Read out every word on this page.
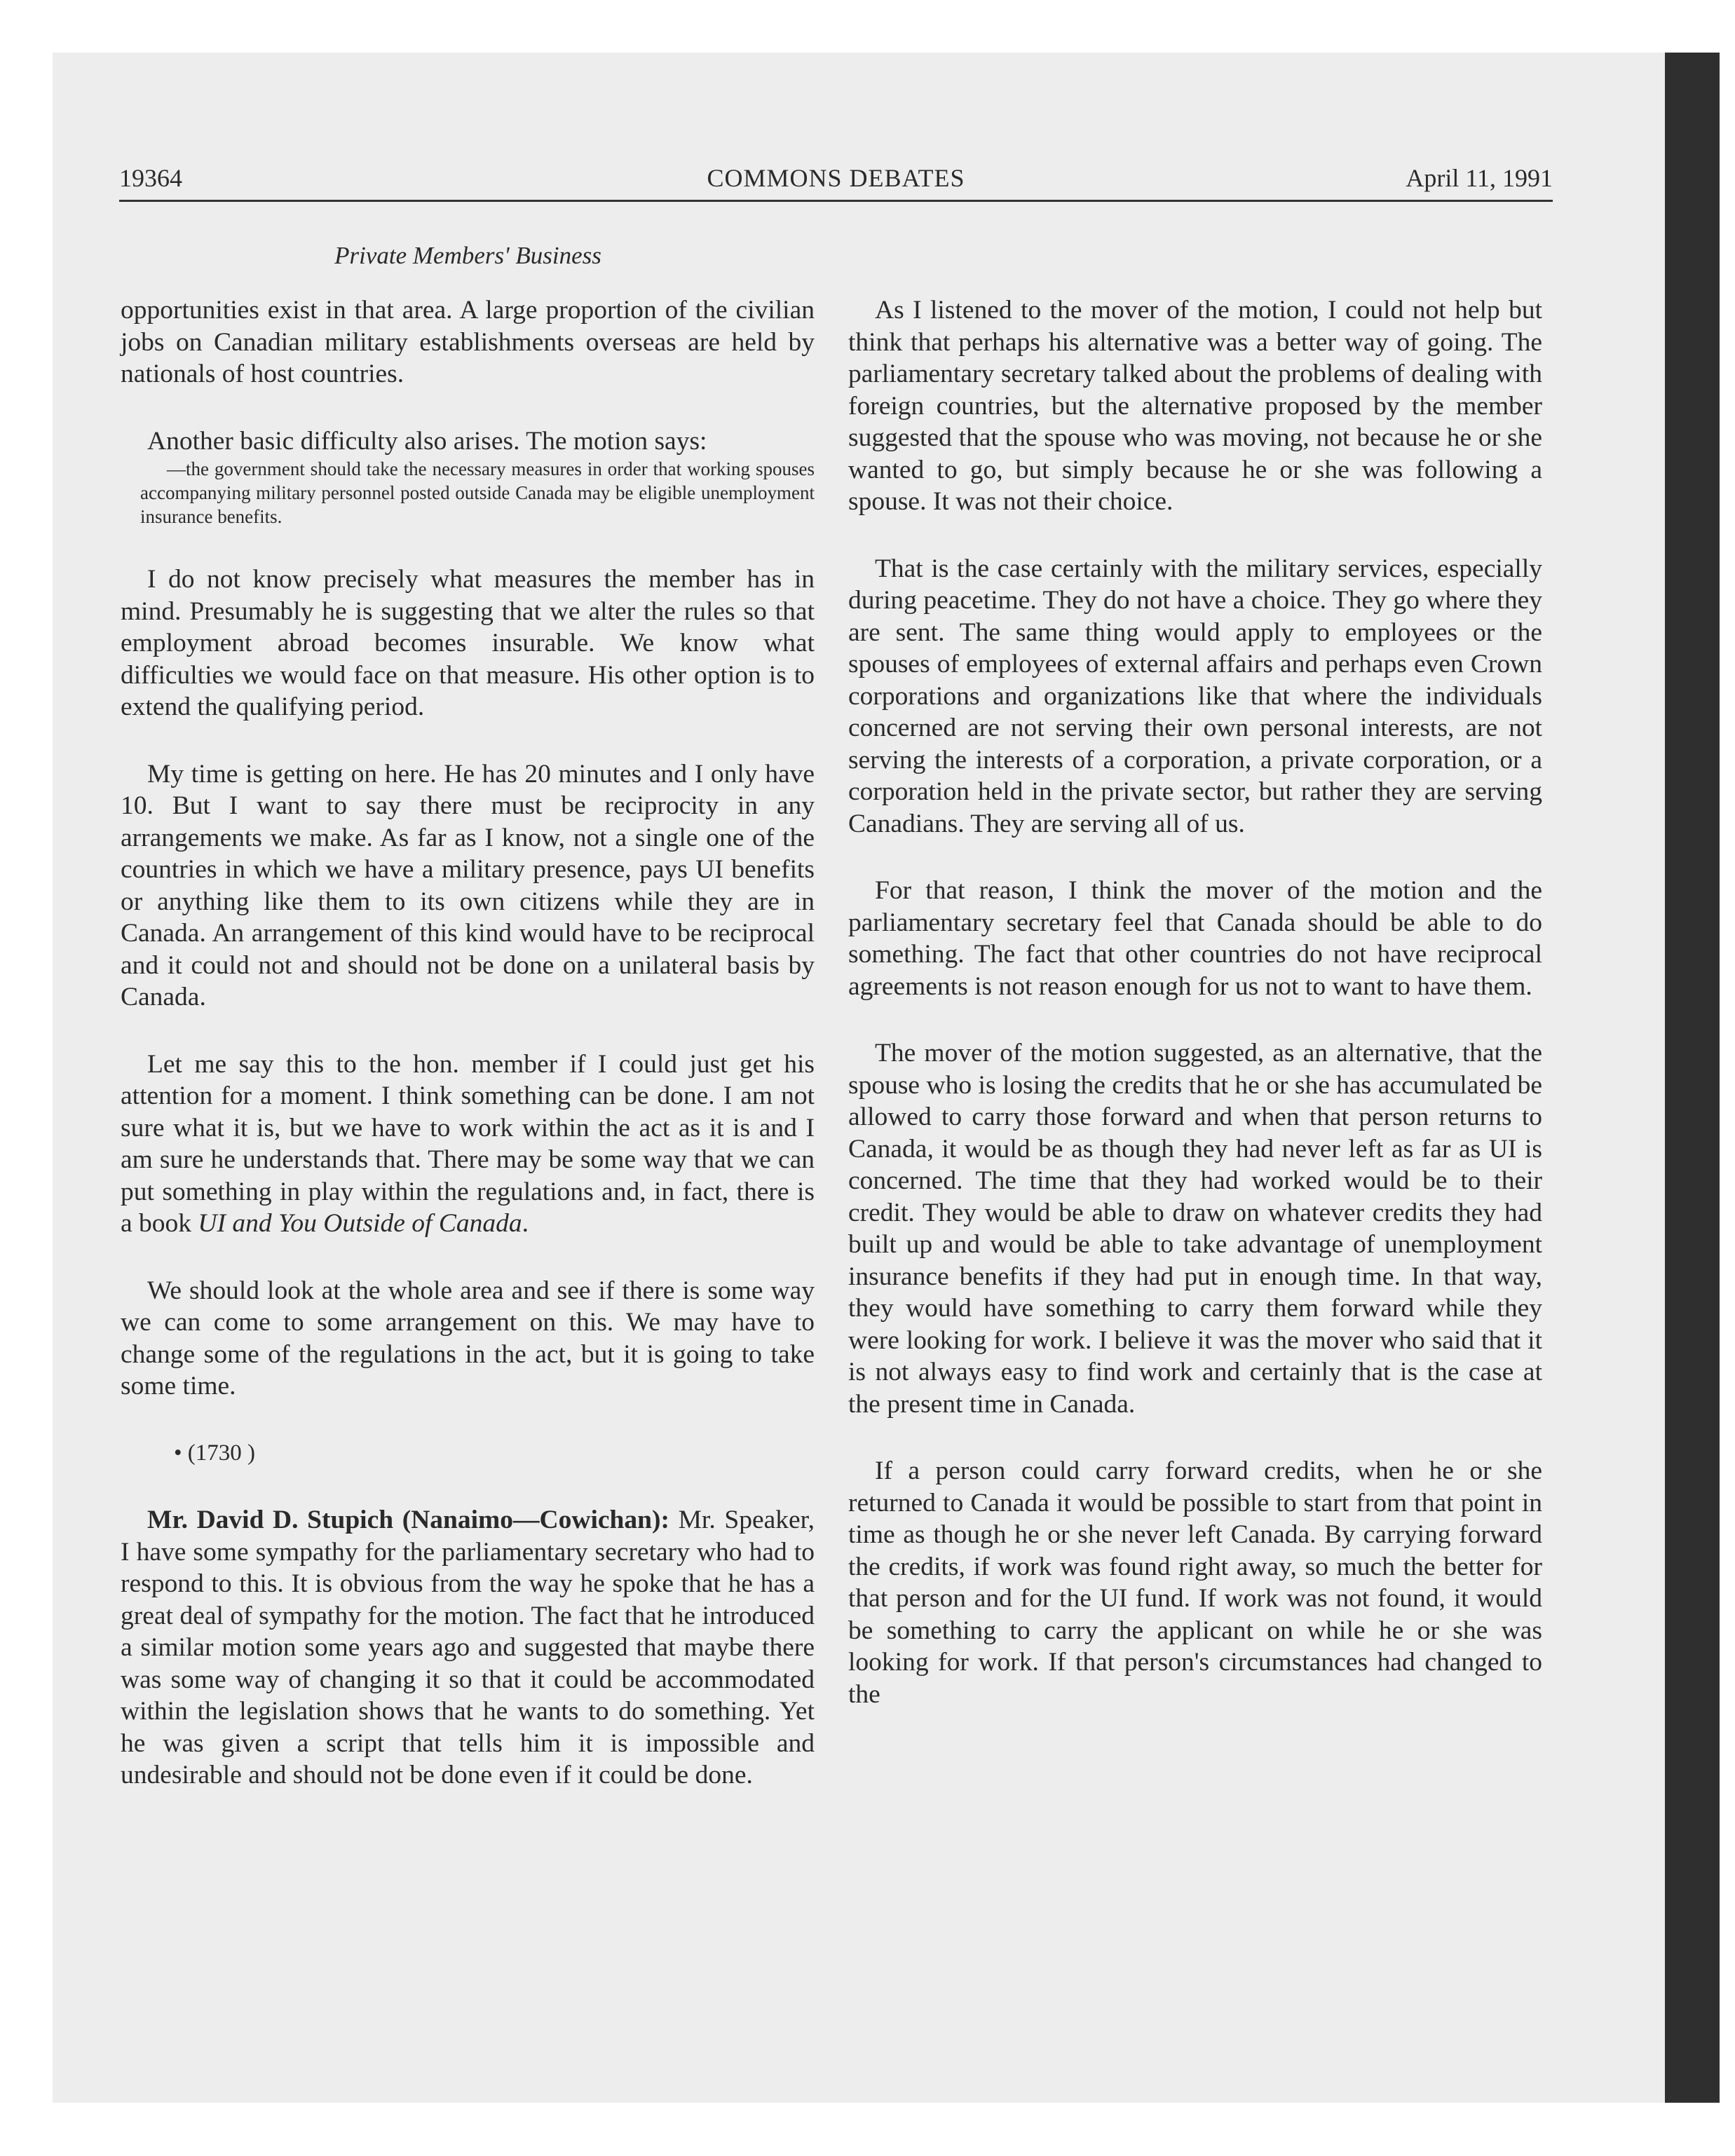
19364	COMMONS DEBATES	April 11, 1991
Private Members' Business

opportunities exist in that area. A large proportion of the civilian jobs on Canadian military establishments overseas are held by nationals of host countries.

Another basic difficulty also arises. The motion says:

—the government should take the necessary measures in order that working spouses accompanying military personnel posted outside Canada may be eligible unemployment insurance benefits.

I do not know precisely what measures the member has in mind. Presumably he is suggesting that we alter the rules so that employment abroad becomes insurable. We know what difficulties we would face on that measure. His other option is to extend the qualifying period.

My time is getting on here. He has 20 minutes and I only have 10. But I want to say there must be reciprocity in any arrangements we make. As far as I know, not a single one of the countries in which we have a military presence, pays UI benefits or anything like them to its own citizens while they are in Canada. An arrangement of this kind would have to be reciprocal and it could not and should not be done on a unilateral basis by Canada.

Let me say this to the hon. member if I could just get his attention for a moment. I think something can be done. I am not sure what it is, but we have to work within the act as it is and I am sure he understands that. There may be some way that we can put something in play within the regulations and, in fact, there is a book UI and You Outside of Canada.

We should look at the whole area and see if there is some way we can come to some arrangement on this. We may have to change some of the regulations in the act, but it is going to take some time.

• (1730 )

Mr. David D. Stupich (Nanaimo—Cowichan): Mr. Speaker, I have some sympathy for the parliamentary secretary who had to respond to this. It is obvious from the way he spoke that he has a great deal of sympathy for the motion. The fact that he introduced a similar motion some years ago and suggested that maybe there was some way of changing it so that it could be accommodated within the legislation shows that he wants to do something. Yet he was given a script that tells him it is impossible and undesirable and should not be done even if it could be done.

As I listened to the mover of the motion, I could not help but think that perhaps his alternative was a better way of going. The parliamentary secretary talked about the problems of dealing with foreign countries, but the alternative proposed by the member suggested that the spouse who was moving, not because he or she wanted to go, but simply because he or she was following a spouse. It was not their choice.

That is the case certainly with the military services, especially during peacetime. They do not have a choice. They go where they are sent. The same thing would apply to employees or the spouses of employees of external affairs and perhaps even Crown corporations and organizations like that where the individuals concerned are not serving their own personal interests, are not serving the interests of a corporation, a private corporation, or a corporation held in the private sector, but rather they are serving Canadians. They are serving all of us.

For that reason, I think the mover of the motion and the parliamentary secretary feel that Canada should be able to do something. The fact that other countries do not have reciprocal agreements is not reason enough for us not to want to have them.

The mover of the motion suggested, as an alternative, that the spouse who is losing the credits that he or she has accumulated be allowed to carry those forward and when that person returns to Canada, it would be as though they had never left as far as UI is concerned. The time that they had worked would be to their credit. They would be able to draw on whatever credits they had built up and would be able to take advantage of unemployment insurance benefits if they had put in enough time. In that way, they would have something to carry them forward while they were looking for work. I believe it was the mover who said that it is not always easy to find work and certainly that is the case at the present time in Canada.

If a person could carry forward credits, when he or she returned to Canada it would be possible to start from that point in time as though he or she never left Canada. By carrying forward the credits, if work was found right away, so much the better for that person and for the UI fund. If work was not found, it would be something to carry the applicant on while he or she was looking for work. If that person's circumstances had changed to the
